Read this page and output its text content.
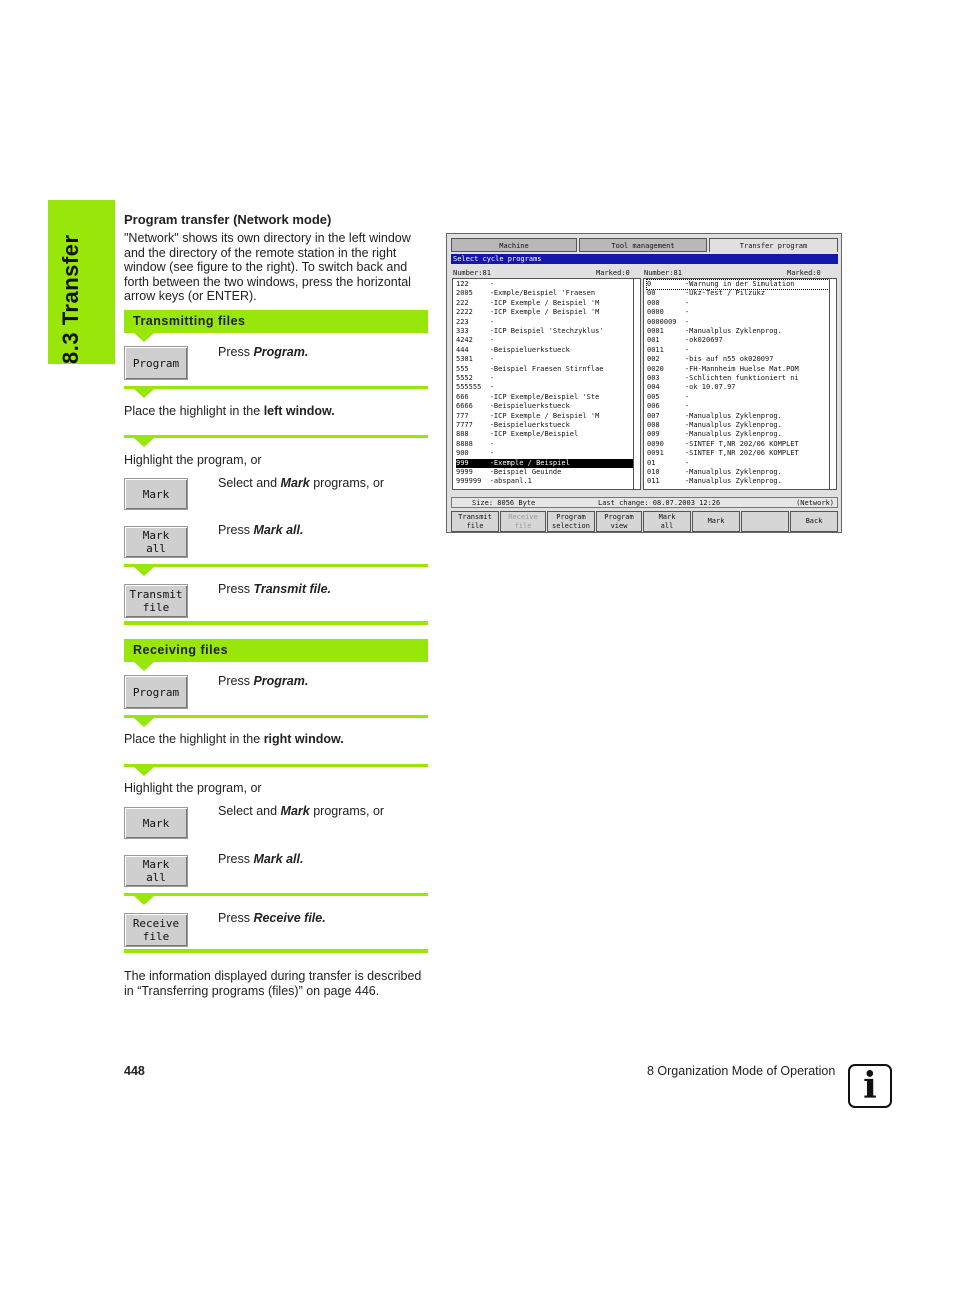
8.3 Transfer
Program transfer (Network mode)
"Network" shows its own directory in the left window and the directory of the remote station in the right window (see figure to the right). To switch back and forth between the two windows, press the horizontal arrow keys (or ENTER).
Transmitting files
Program
Press Program.
Place the highlight in the left window.
Highlight the program, or
Mark
Select and Mark programs, or
Mark
all
Press Mark all.
Transmit
file
Press Transmit file.
Receiving files
Program
Press Program.
Place the highlight in the right window.
Highlight the program, or
Mark
Select and Mark programs, or
Mark
all
Press Mark all.
Receive
file
Press Receive file.
The information displayed during transfer is described in “Transferring programs (files)” on page 446.
Machine	Tool management	Transfer program
Select cycle programs
Number:81	Marked:0 Number:81	Marked:0
122     -
2005    -Exmple/Beispiel 'Fraesen
222     -ICP Exemple / Beispiel 'M
2222    -ICP Exemple / Beispiel 'M
223     -
333     -ICP Beispiel 'Stechzyklus'
4242    -
444     -Beispieluerkstueck
5301    -
555     -Beispiel Fraesen Stirnflae
5552    -
555555  -
666     -ICP Exemple/Beispiel 'Ste
6666    -Beispieluerkstueck
777     -ICP Exemple / Beispiel 'M
7777    -Beispieluerkstueck
888     -ICP Exemple/Beispiel
8888    -
900     -
999     -Exemple / Beispiel
9999    -Beispiel Geuinde
999999  -abspanl.1
0        -Warnung in der Simulation
00       -Ukz-Test / Pilzukz
000      -
0000     -
0000009  -
0001     -Manualplus Zyklenprog.
001      -ok020697
0011     -
002      -bis auf n55 ok020097
0020     -FH-Mannheim Huelse Mat.POM
003      -Schlichten funktioniert ni
004      -ok 10.07.97
005      -
006      -
007      -Manualplus Zyklenprog.
008      -Manualplus Zyklenprog.
009      -Manualplus Zyklenprog.
0090     -SINTEF T,NR 202/06 KOMPLET
0091     -SINTEF T,NR 202/06 KOMPLET
01       -
010      -Manualplus Zyklenprog.
011      -Manualplus Zyklenprog.
Size: 8056 Byte	Last change: 08.07.2003 12:26	(Network)
Transmit
file
Receive
file
Program
selection
Program
view
Mark
all
Mark	Back
448	8 Organization Mode of Operation i
